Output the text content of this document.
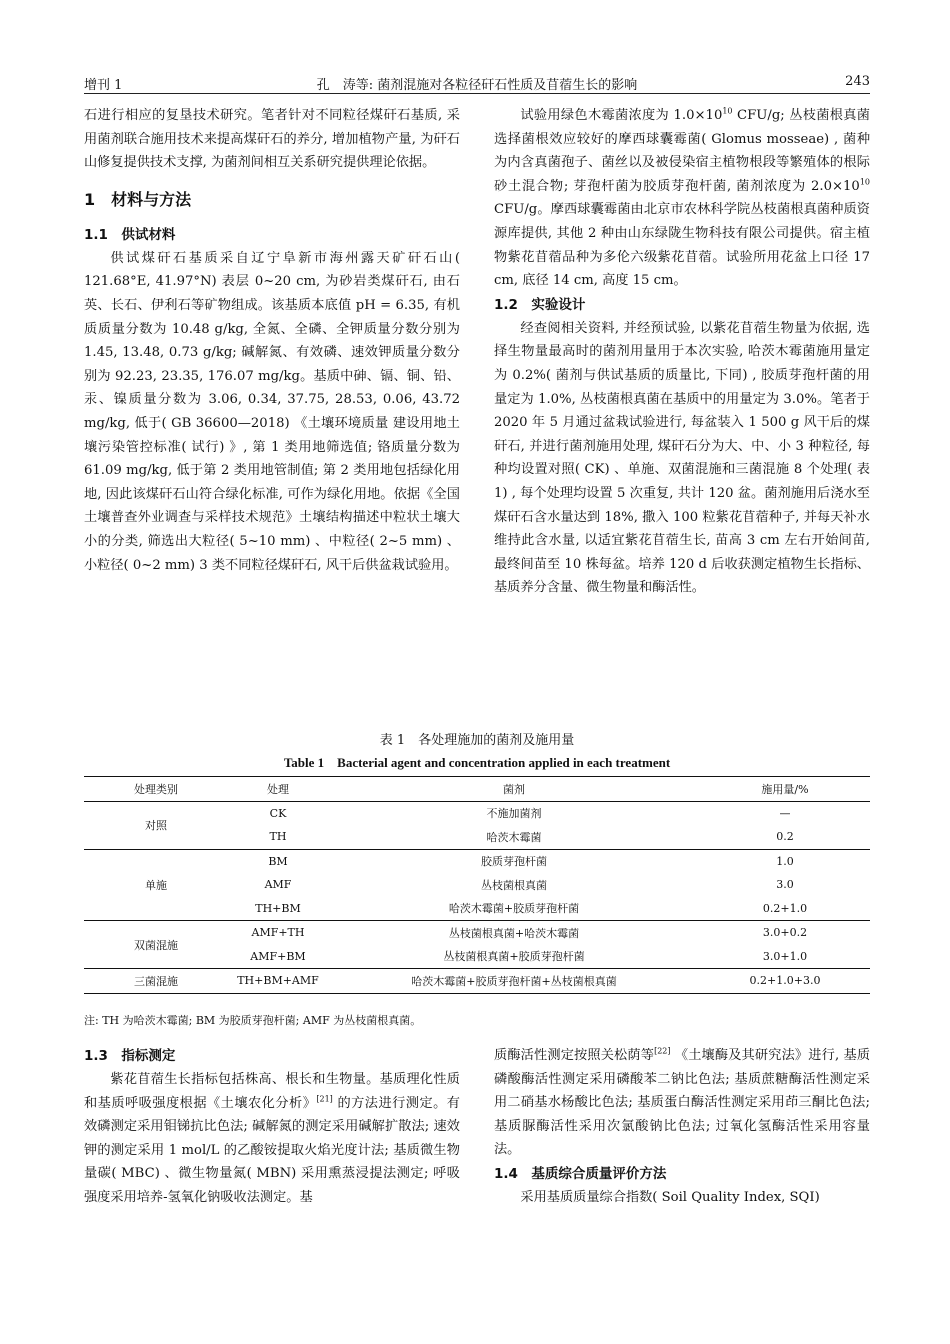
增刊 1	孔　涛等: 菌剂混施对各粒径矸石性质及苜蓿生长的影响	243

石进行相应的复垦技术研究。笔者针对不同粒径煤矸石基质, 采用菌剂联合施用技术来提高煤矸石的养分, 增加植物产量, 为矸石山修复提供技术支撑, 为菌剂间相互关系研究提供理论依据。

1　材料与方法
1.1　供试材料

供试煤矸石基质采自辽宁阜新市海州露天矿矸石山( 121.68°E, 41.97°N) 表层 0~20 cm, 为砂岩类煤矸石, 由石英、长石、伊利石等矿物组成。该基质本底值 pH = 6.35, 有机质质量分数为 10.48 g/kg, 全氮、全磷、全钾质量分数分别为 1.45, 13.48, 0.73 g/kg; 碱解氮、有效磷、速效钾质量分数分别为 92.23, 23.35, 176.07 mg/kg。基质中砷、镉、铜、铅、汞、镍质量分数为 3.06, 0.34, 37.75, 28.53, 0.06, 43.72 mg/kg, 低于( GB 36600—2018) 《土壤环境质量 建设用地土壤污染管控标准( 试行) 》, 第 1 类用地筛选值; 铬质量分数为 61.09 mg/kg, 低于第 2 类用地管制值; 第 2 类用地包括绿化用地, 因此该煤矸石山符合绿化标准, 可作为绿化用地。依据《全国土壤普查外业调查与采样技术规范》土壤结构描述中粒状土壤大小的分类, 筛选出大粒径( 5~10 mm) 、中粒径( 2~5 mm) 、小粒径( 0~2 mm) 3 类不同粒径煤矸石, 风干后供盆栽试验用。

试验用绿色木霉菌浓度为 $1.0\times 10^{10}$ CFU/g; 丛枝菌根真菌选择菌根效应较好的摩西球囊霉菌( Glomus mosseae) , 菌种为内含真菌孢子、菌丝以及被侵染宿主植物根段等繁殖体的根际砂土混合物; 芽孢杆菌为胶质芽孢杆菌, 菌剂浓度为 $2.0\times 10^{10}$ CFU/g。摩西球囊霉菌由北京市农林科学院丛枝菌根真菌种质资源库提供, 其他 2 种由山东绿陇生物科技有限公司提供。宿主植物紫花苜蓿品种为多伦六级紫花苜蓿。试验所用花盆上口径 17 cm, 底径 14 cm, 高度 15 cm。

1.2　实验设计

经查阅相关资料, 并经预试验, 以紫花苜蓿生物量为依据, 选择生物量最高时的菌剂用量用于本次实验, 哈茨木霉菌施用量定为 0.2%( 菌剂与供试基质的质量比, 下同) , 胶质芽孢杆菌的用量定为 1.0%, 丛枝菌根真菌在基质中的用量定为 3.0%。笔者于 2020 年 5 月通过盆栽试验进行, 每盆装入 1 500 g 风干后的煤矸石, 并进行菌剂施用处理, 煤矸石分为大、中、小 3 种粒径, 每种均设置对照( CK) 、单施、双菌混施和三菌混施 8 个处理( 表 1) , 每个处理均设置 5 次重复, 共计 120 盆。菌剂施用后浇水至煤矸石含水量达到 18%, 撒入 100 粒紫花苜蓿种子, 并每天补水维持此含水量, 以适宜紫花苜蓿生长, 苗高 3 cm 左右开始间苗, 最终间苗至 10 株每盆。培养 120 d 后收获测定植物生长指标、基质养分含量、微生物量和酶活性。

表 1　各处理施加的菌剂及施用量
Table 1　Bacterial agent and concentration applied in each treatment
处理类别	处理	菌剂	施用量/%
对照	CK	不施加菌剂	—
	TH	哈茨木霉菌	0.2
单施	BM	胶质芽孢杆菌	1.0
	AMF	丛枝菌根真菌	3.0
	TH+BM	哈茨木霉菌+胶质芽孢杆菌	0.2+1.0
双菌混施	AMF+TH	丛枝菌根真菌+哈茨木霉菌	3.0+0.2
	AMF+BM	丛枝菌根真菌+胶质芽孢杆菌	3.0+1.0
三菌混施	TH+BM+AMF	哈茨木霉菌+胶质芽孢杆菌+丛枝菌根真菌	0.2+1.0+3.0
注: TH 为哈茨木霉菌; BM 为胶质芽孢杆菌; AMF 为丛枝菌根真菌。
1.3　指标测定

紫花苜蓿生长指标包括株高、根长和生物量。基质理化性质和基质呼吸强度根据《土壤农化分析》[21] 的方法进行测定。有效磷测定采用钼锑抗比色法; 碱解氮的测定采用碱解扩散法; 速效钾的测定采用 1 mol/L 的乙酸铵提取火焰光度计法; 基质微生物量碳( MBC) 、微生物量氮( MBN) 采用熏蒸浸提法测定; 呼吸强度采用培养-氢氧化钠吸收法测定。基

质酶活性测定按照关松荫等[22] 《土壤酶及其研究法》进行, 基质磷酸酶活性测定采用磷酸苯二钠比色法; 基质蔗糖酶活性测定采用二硝基水杨酸比色法; 基质蛋白酶活性测定采用茚三酮比色法; 基质脲酶活性采用次氯酸钠比色法; 过氧化氢酶活性采用容量法。

1.4　基质综合质量评价方法

采用基质质量综合指数( Soil Quality Index, SQI)
